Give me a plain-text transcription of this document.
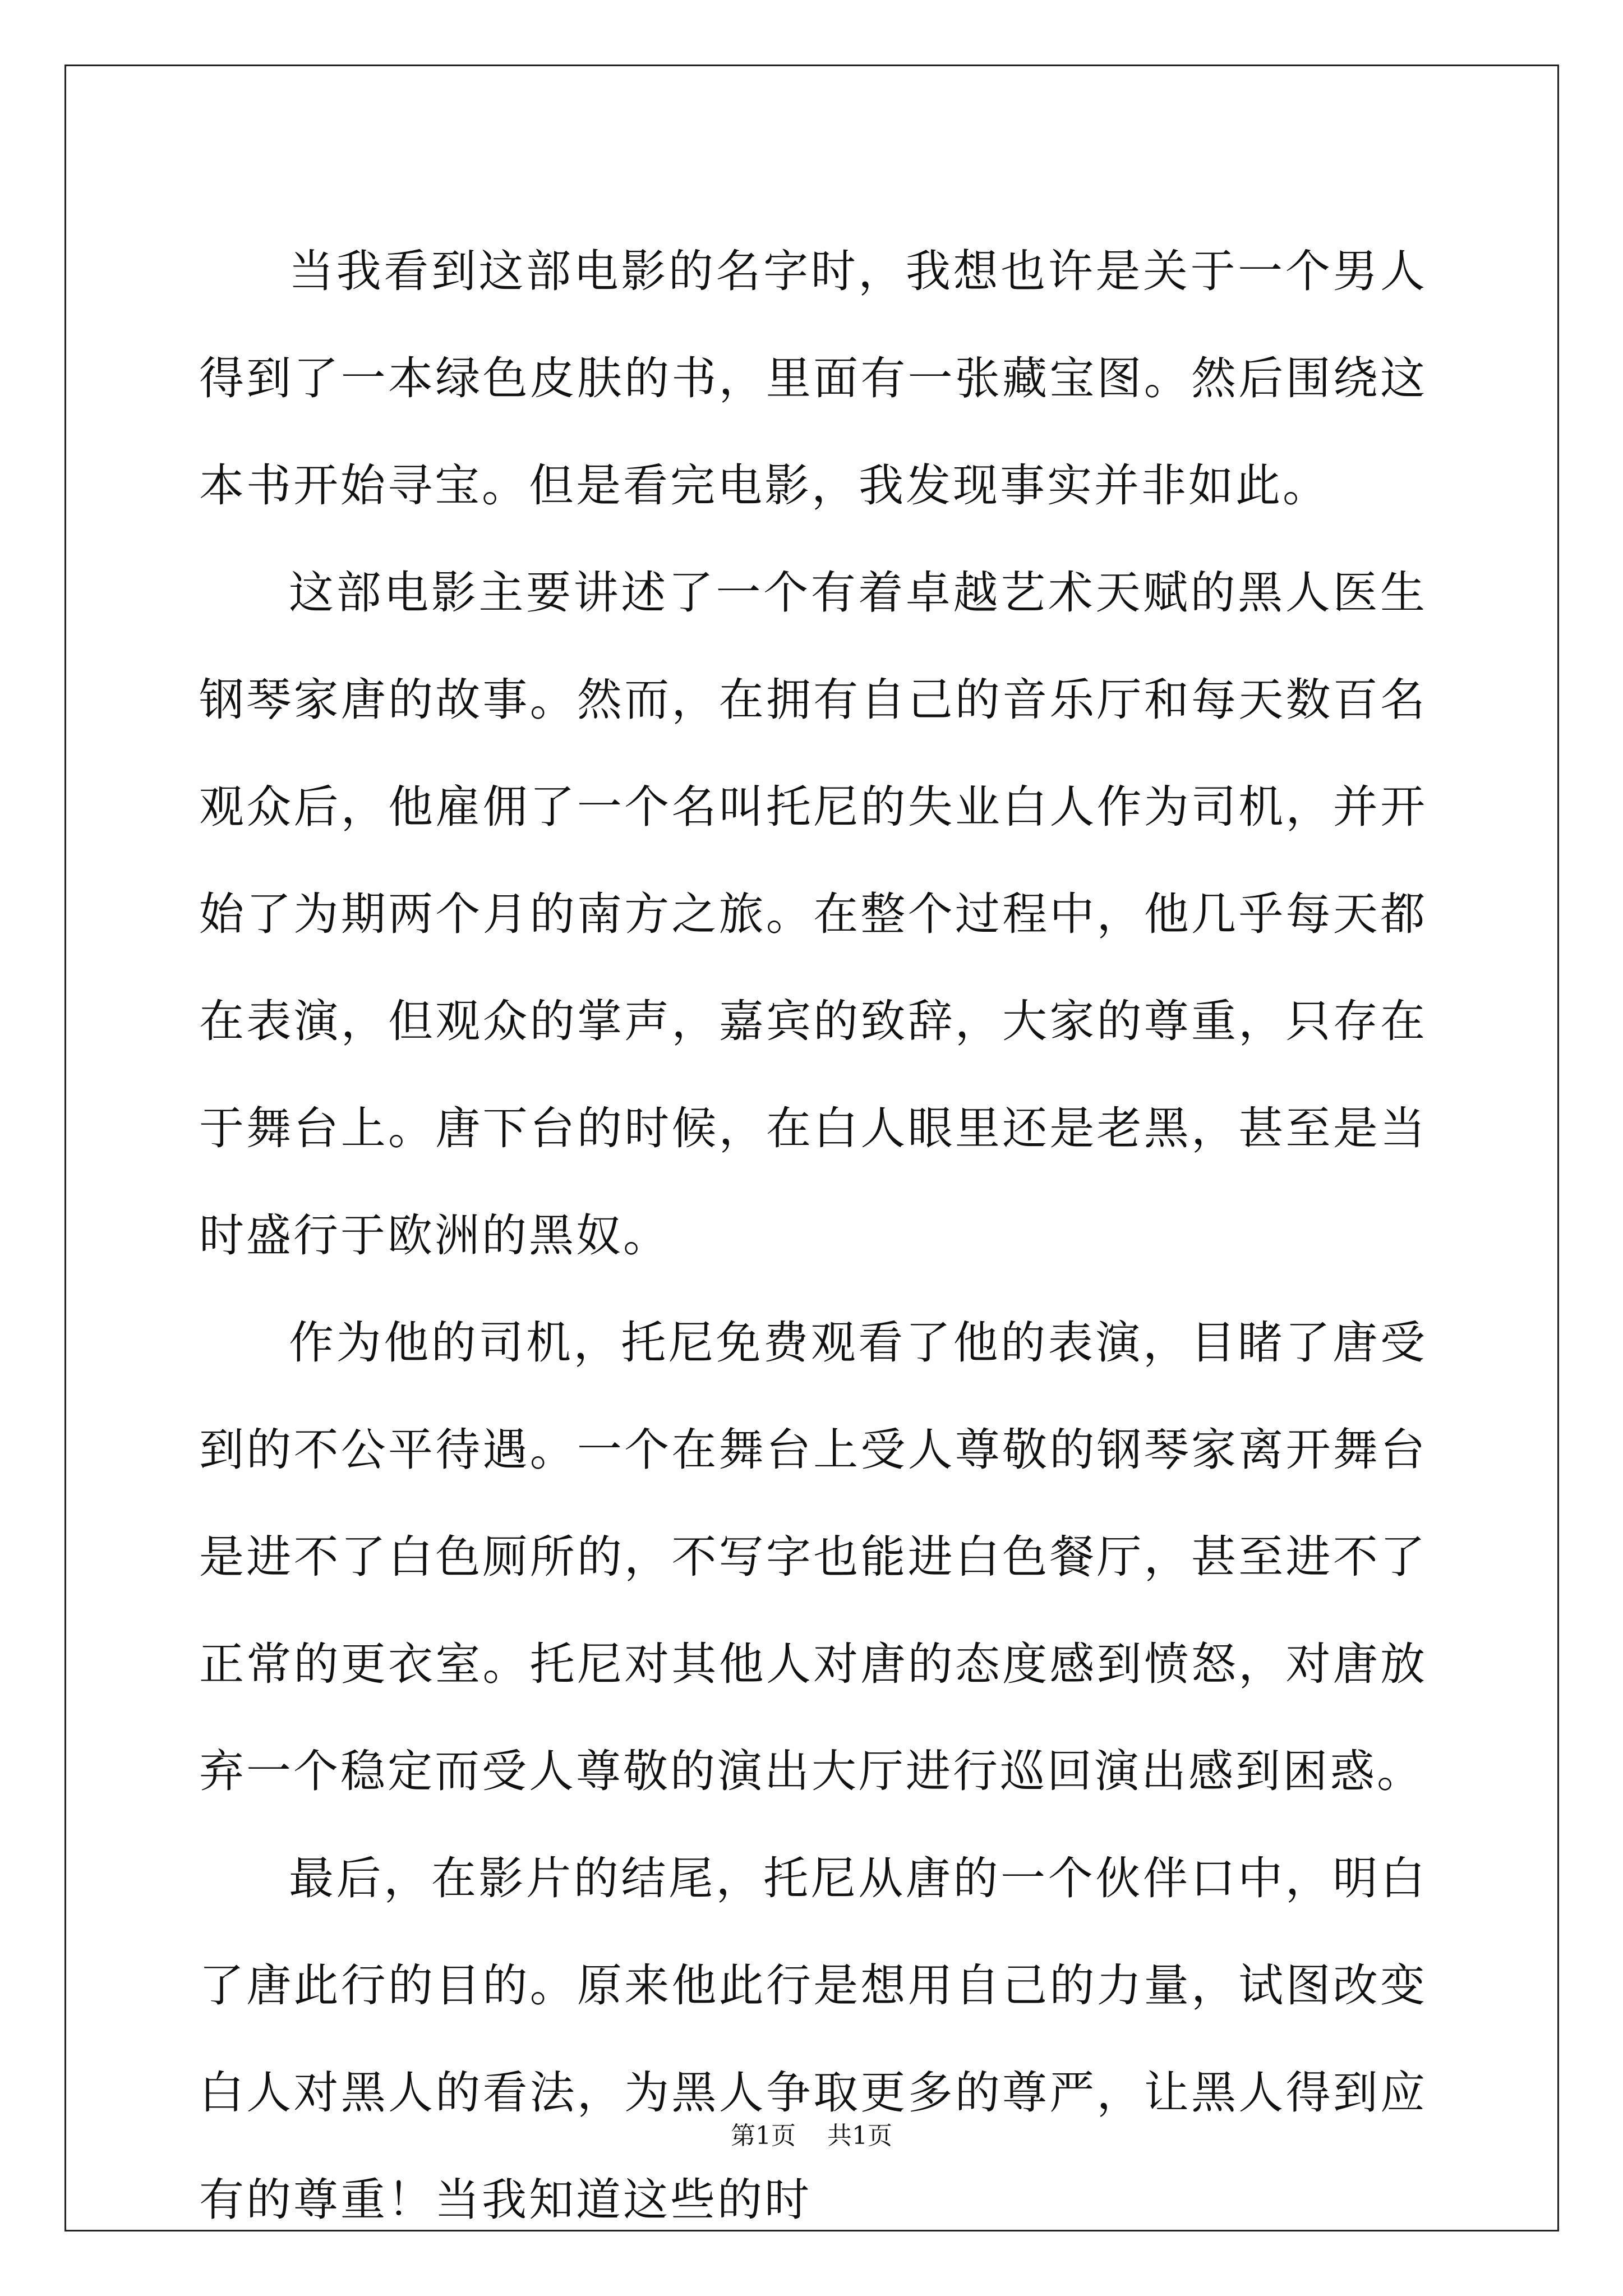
当我看到这部电影的名字时，我想也许是关于一个男人得到了一本绿色皮肤的书，里面有一张藏宝图。然后围绕这本书开始寻宝。但是看完电影，我发现事实并非如此。

这部电影主要讲述了一个有着卓越艺术天赋的黑人医生钢琴家唐的故事。然而，在拥有自己的音乐厅和每天数百名观众后，他雇佣了一个名叫托尼的失业白人作为司机，并开始了为期两个月的南方之旅。在整个过程中，他几乎每天都在表演，但观众的掌声，嘉宾的致辞，大家的尊重，只存在于舞台上。唐下台的时候，在白人眼里还是老黑，甚至是当时盛行于欧洲的黑奴。

作为他的司机，托尼免费观看了他的表演，目睹了唐受到的不公平待遇。一个在舞台上受人尊敬的钢琴家离开舞台是进不了白色厕所的，不写字也能进白色餐厅，甚至进不了正常的更衣室。托尼对其他人对唐的态度感到愤怒，对唐放弃一个稳定而受人尊敬的演出大厅进行巡回演出感到困惑。

最后，在影片的结尾，托尼从唐的一个伙伴口中，明白了唐此行的目的。原来他此行是想用自己的力量，试图改变白人对黑人的看法，为黑人争取更多的尊严，让黑人得到应有的尊重！当我知道这些的时

第1页 共1页
